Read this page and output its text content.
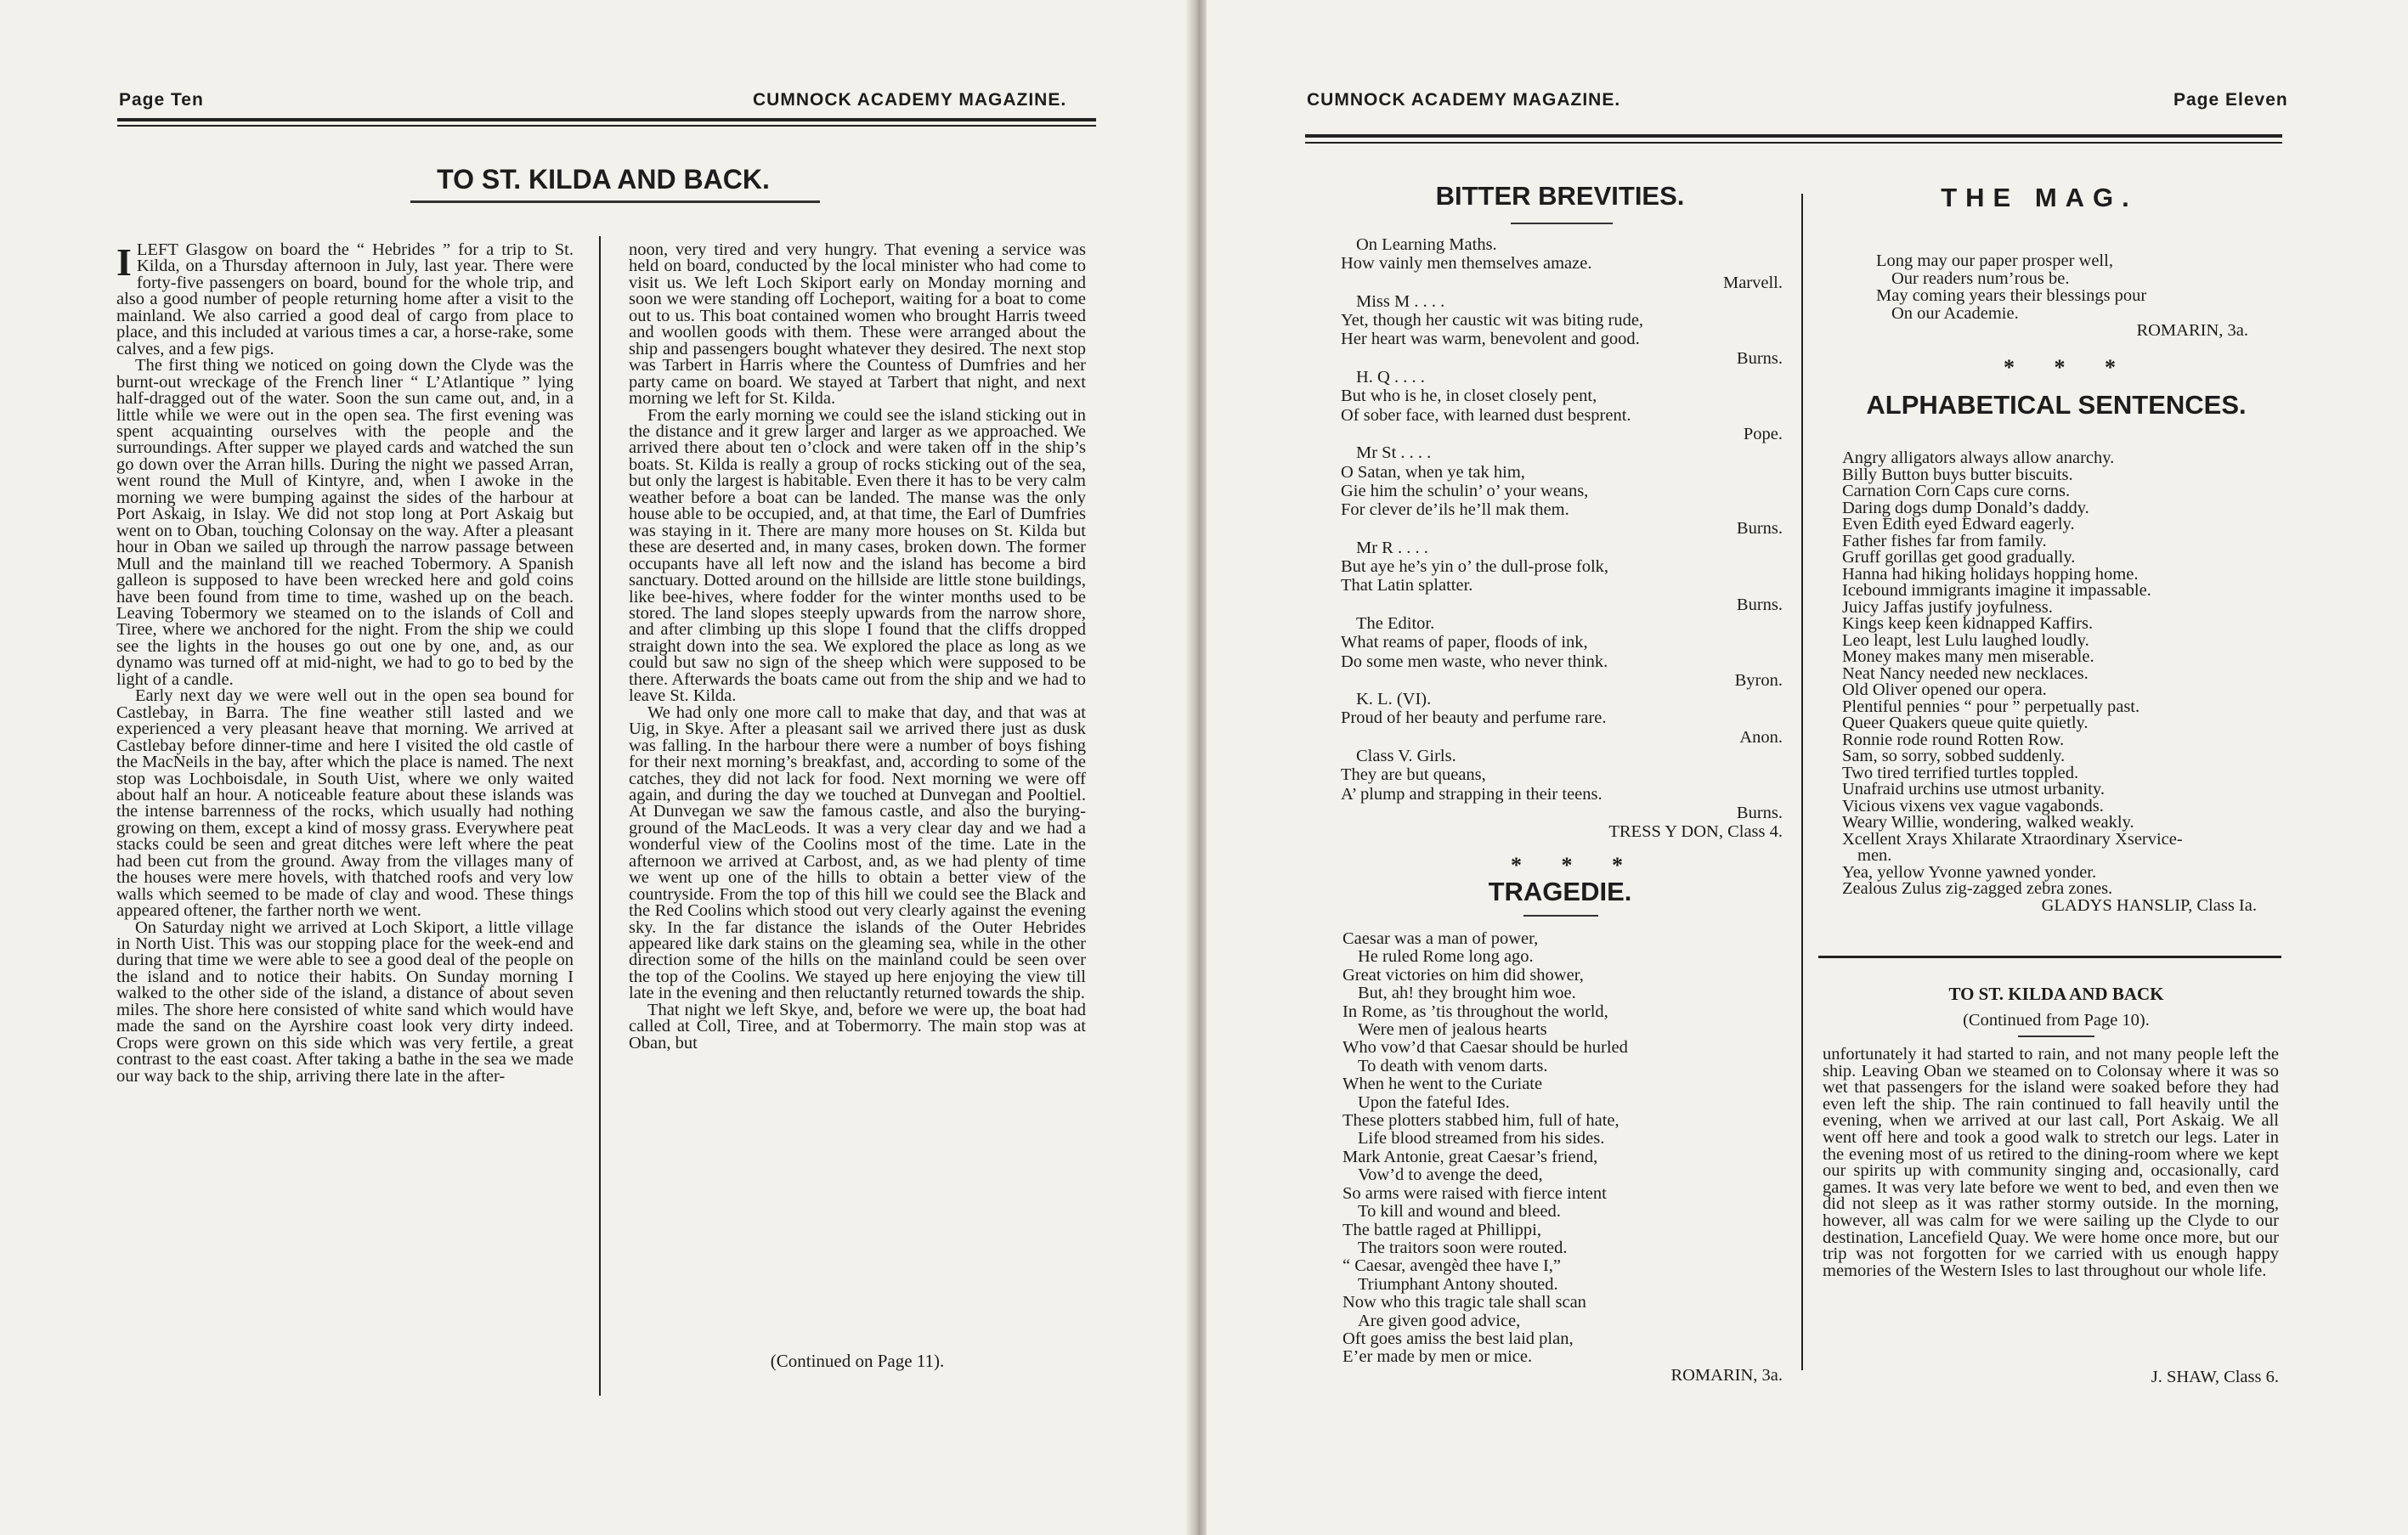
Page Ten	CUMNOCK ACADEMY MAGAZINE.
TO ST. KILDA AND BACK.
I LEFT Glasgow on board the “ Hebrides ” for a trip to St. Kilda, on a Thursday afternoon in July, last year. There were forty-five passengers on board, bound for the whole trip, and also a good number of people returning home after a visit to the mainland. We also carried a good deal of cargo from place to place, and this included at various times a car, a horse-rake, some calves, and a few pigs.

The first thing we noticed on going down the Clyde was the burnt-out wreckage of the French liner “ L’Atlantique ” lying half-dragged out of the water. Soon the sun came out, and, in a little while we were out in the open sea. The first evening was spent acquainting ourselves with the people and the surroundings. After supper we played cards and watched the sun go down over the Arran hills. During the night we passed Arran, went round the Mull of Kintyre, and, when I awoke in the morning we were bumping against the sides of the harbour at Port Askaig, in Islay. We did not stop long at Port Askaig but went on to Oban, touching Colonsay on the way. After a pleasant hour in Oban we sailed up through the narrow passage between Mull and the mainland till we reached Tobermory. A Spanish galleon is supposed to have been wrecked here and gold coins have been found from time to time, washed up on the beach. Leaving Tobermory we steamed on to the islands of Coll and Tiree, where we anchored for the night. From the ship we could see the lights in the houses go out one by one, and, as our dynamo was turned off at mid-night, we had to go to bed by the light of a candle.

Early next day we were well out in the open sea bound for Castlebay, in Barra. The fine weather still lasted and we experienced a very pleasant heave that morning. We arrived at Castlebay before dinner-time and here I visited the old castle of the MacNeils in the bay, after which the place is named. The next stop was Lochboisdale, in South Uist, where we only waited about half an hour. A noticeable feature about these islands was the intense barrenness of the rocks, which usually had nothing growing on them, except a kind of mossy grass. Everywhere peat stacks could be seen and great ditches were left where the peat had been cut from the ground. Away from the villages many of the houses were mere hovels, with thatched roofs and very low walls which seemed to be made of clay and wood. These things appeared oftener, the farther north we went.

On Saturday night we arrived at Loch Skiport, a little village in North Uist. This was our stopping place for the week-end and during that time we were able to see a good deal of the people on the island and to notice their habits. On Sunday morning I walked to the other side of the island, a distance of about seven miles. The shore here consisted of white sand which would have made the sand on the Ayrshire coast look very dirty indeed. Crops were grown on this side which was very fertile, a great contrast to the east coast. After taking a bathe in the sea we made our way back to the ship, arriving there late in the after-

noon, very tired and very hungry. That evening a service was held on board, conducted by the local minister who had come to visit us. We left Loch Skiport early on Monday morning and soon we were standing off Locheport, waiting for a boat to come out to us. This boat contained women who brought Harris tweed and woollen goods with them. These were arranged about the ship and passengers bought whatever they desired. The next stop was Tarbert in Harris where the Countess of Dumfries and her party came on board. We stayed at Tarbert that night, and next morning we left for St. Kilda.

From the early morning we could see the island sticking out in the distance and it grew larger and larger as we approached. We arrived there about ten o’clock and were taken off in the ship’s boats. St. Kilda is really a group of rocks sticking out of the sea, but only the largest is habitable. Even there it has to be very calm weather before a boat can be landed. The manse was the only house able to be occupied, and, at that time, the Earl of Dumfries was staying in it. There are many more houses on St. Kilda but these are deserted and, in many cases, broken down. The former occupants have all left now and the island has become a bird sanctuary. Dotted around on the hillside are little stone buildings, like bee-hives, where fodder for the winter months used to be stored. The land slopes steeply upwards from the narrow shore, and after climbing up this slope I found that the cliffs dropped straight down into the sea. We explored the place as long as we could but saw no sign of the sheep which were supposed to be there. Afterwards the boats came out from the ship and we had to leave St. Kilda.

We had only one more call to make that day, and that was at Uig, in Skye. After a pleasant sail we arrived there just as dusk was falling. In the harbour there were a number of boys fishing for their next morning’s breakfast, and, according to some of the catches, they did not lack for food. Next morning we were off again, and during the day we touched at Dunvegan and Pooltiel. At Dunvegan we saw the famous castle, and also the burying-ground of the MacLeods. It was a very clear day and we had a wonderful view of the Coolins most of the time. Late in the afternoon we arrived at Carbost, and, as we had plenty of time we went up one of the hills to obtain a better view of the countryside. From the top of this hill we could see the Black and the Red Coolins which stood out very clearly against the evening sky. In the far distance the islands of the Outer Hebrides appeared like dark stains on the gleaming sea, while in the other direction some of the hills on the mainland could be seen over the top of the Coolins. We stayed up here enjoying the view till late in the evening and then reluctantly returned towards the ship.

That night we left Skye, and, before we were up, the boat had called at Coll, Tiree, and at Tobermorry. The main stop was at Oban, but

(Continued on Page 11).
CUMNOCK ACADEMY MAGAZINE.	Page Eleven
BITTER BREVITIES.
On Learning Maths.
How vainly men themselves amaze.
Marvell.
Miss M . . . .
Yet, though her caustic wit was biting rude,
Her heart was warm, benevolent and good.
Burns.
H. Q . . . .
But who is he, in closet closely pent,
Of sober face, with learned dust besprent.
Pope.
Mr St . . . .
O Satan, when ye tak him,
Gie him the schulin’ o’ your weans,
For clever de’ils he’ll mak them.
Burns.
Mr R . . . .
But aye he’s yin o’ the dull-prose folk,
That Latin splatter.
Burns.
The Editor.
What reams of paper, floods of ink,
Do some men waste, who never think.
Byron.
K. L. (VI).
Proud of her beauty and perfume rare.
Anon.
Class V. Girls.
They are but queans,
A’ plump and strapping in their teens.
Burns.
TRESS Y DON, Class 4.
* * *
TRAGEDIE.
Caesar was a man of power,
He ruled Rome long ago.
Great victories on him did shower,
But, ah! they brought him woe.
In Rome, as ’tis throughout the world,
Were men of jealous hearts
Who vow’d that Caesar should be hurled
To death with venom darts.
When he went to the Curiate
Upon the fateful Ides.
These plotters stabbed him, full of hate,
Life blood streamed from his sides.
Mark Antonie, great Caesar’s friend,
Vow’d to avenge the deed,
So arms were raised with fierce intent
To kill and wound and bleed.
The battle raged at Phillippi,
The traitors soon were routed.
“ Caesar, avengèd thee have I,”
Triumphant Antony shouted.
Now who this tragic tale shall scan
Are given good advice,
Oft goes amiss the best laid plan,
E’er made by men or mice.
ROMARIN, 3a.
THE MAG.
Long may our paper prosper well,
Our readers num’rous be.
May coming years their blessings pour
On our Academie.
ROMARIN, 3a.
* * *
ALPHABETICAL SENTENCES.
Angry alligators always allow anarchy.
Billy Button buys butter biscuits.
Carnation Corn Caps cure corns.
Daring dogs dump Donald’s daddy.
Even Edith eyed Edward eagerly.
Father fishes far from family.
Gruff gorillas get good gradually.
Hanna had hiking holidays hopping home.
Icebound immigrants imagine it impassable.
Juicy Jaffas justify joyfulness.
Kings keep keen kidnapped Kaffirs.
Leo leapt, lest Lulu laughed loudly.
Money makes many men miserable.
Neat Nancy needed new necklaces.
Old Oliver opened our opera.
Plentiful pennies “ pour ” perpetually past.
Queer Quakers queue quite quietly.
Ronnie rode round Rotten Row.
Sam, so sorry, sobbed suddenly.
Two tired terrified turtles toppled.
Unafraid urchins use utmost urbanity.
Vicious vixens vex vague vagabonds.
Weary Willie, wondering, walked weakly.
Xcellent Xrays Xhilarate Xtraordinary Xservice-
men.
Yea, yellow Yvonne yawned yonder.
Zealous Zulus zig-zagged zebra zones.
GLADYS HANSLIP, Class Ia.
TO ST. KILDA AND BACK
(Continued from Page 10).

unfortunately it had started to rain, and not many people left the ship. Leaving Oban we steamed on to Colonsay where it was so wet that passengers for the island were soaked before they had even left the ship. The rain continued to fall heavily until the evening, when we arrived at our last call, Port Askaig. We all went off here and took a good walk to stretch our legs. Later in the evening most of us retired to the dining-room where we kept our spirits up with community singing and, occasionally, card games. It was very late before we went to bed, and even then we did not sleep as it was rather stormy outside. In the morning, however, all was calm for we were sailing up the Clyde to our destination, Lancefield Quay. We were home once more, but our trip was not forgotten for we carried with us enough happy memories of the Western Isles to last throughout our whole life.

J. SHAW, Class 6.
